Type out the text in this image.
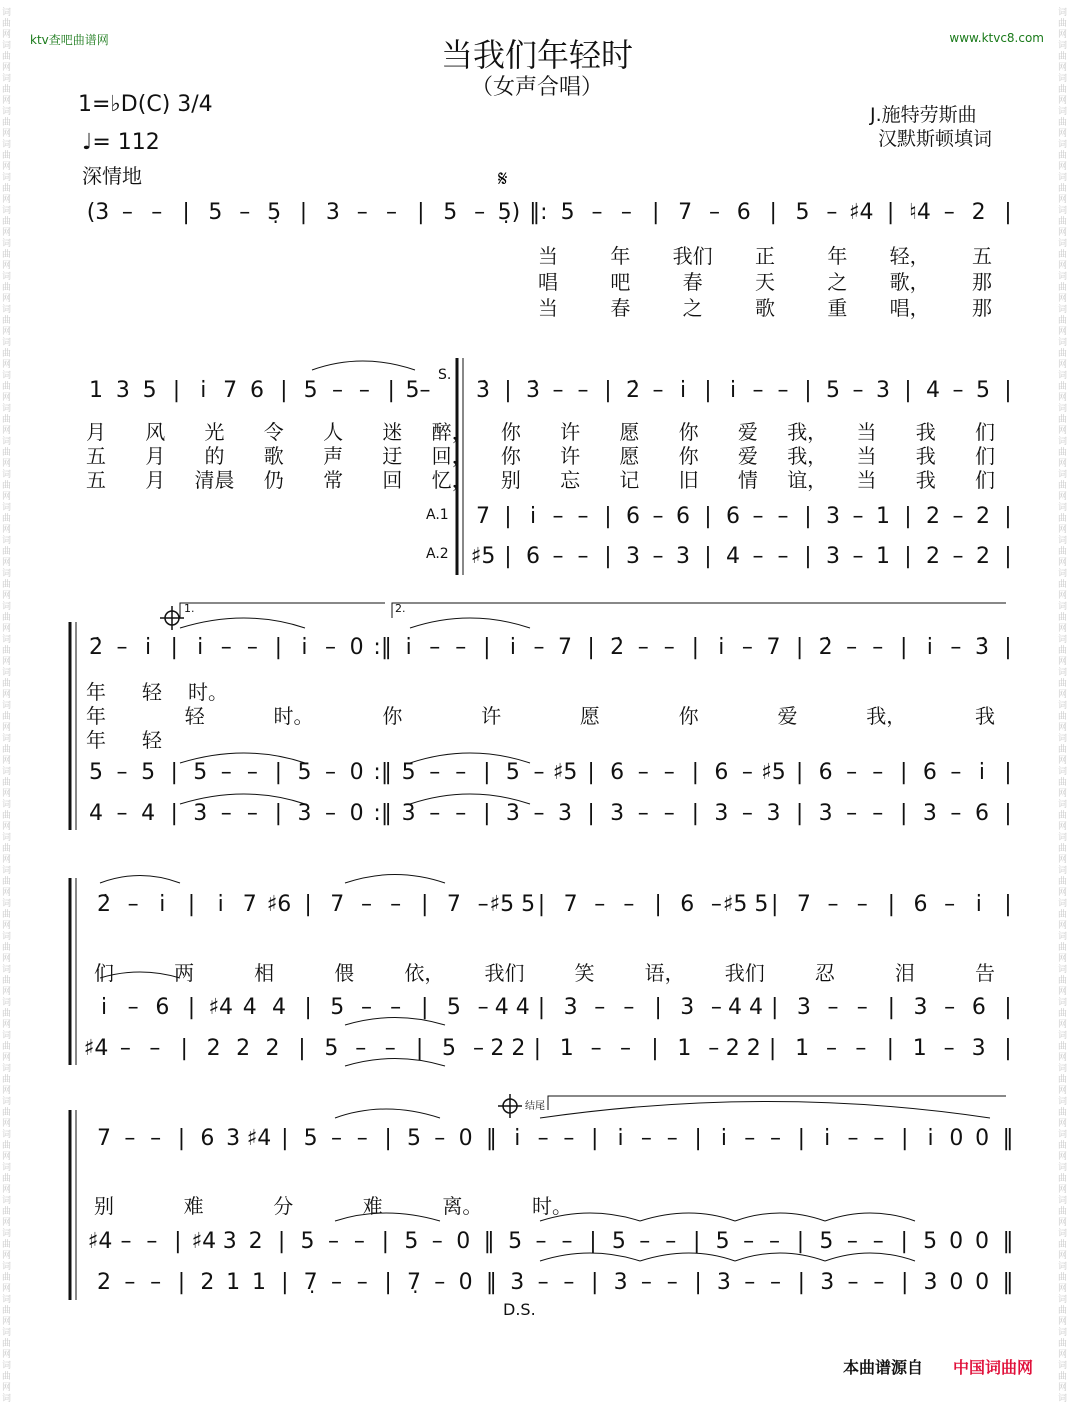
词
曲
网
词
曲
网
词
曲
网
词
曲
网
词
曲
网
词
曲
网
词
曲
网
词
曲
网
词
曲
网
词
曲
网
词
曲
网
词
曲
网
词
曲
网
词
曲
网
词
曲
网
词
曲
网
词
曲
网
词
曲
网
词
曲
网
词
曲
网
词
曲
网
词
曲
网
词
曲
网
词
曲
网
词
曲
网
词
曲
网
词
曲
网
词
曲
网
词
曲
网
词
曲
网
词
曲
网
词
曲
网
词
曲
网
词
曲
网
词
曲
网
词
曲
网
词
曲
网
词
曲
网
词
曲
网
词
曲
网
词
曲
网
词
曲
网
词
词
曲
网
词
曲
网
词
曲
网
词
曲
网
词
曲
网
词
曲
网
词
曲
网
词
曲
网
词
曲
网
词
曲
网
词
曲
网
词
曲
网
词
曲
网
词
曲
网
词
曲
网
词
曲
网
词
曲
网
词
曲
网
词
曲
网
词
曲
网
词
曲
网
词
曲
网
词
曲
网
词
曲
网
词
曲
网
词
曲
网
词
曲
网
词
曲
网
词
曲
网
词
曲
网
词
曲
网
词
曲
网
词
曲
网
词
曲
网
词
曲
网
词
曲
网
词
曲
网
词
曲
网
词
曲
网
词
曲
网
词
曲
网
词
曲
网
词
ktv查吧曲谱网	www.ktvc8.com
当我们年轻时
（女声合唱）
1=♭D(C) 3/4
♩= 112
深情地
J.施特劳斯曲
汉默斯顿填词
𝄋
(3 – – | 5 – 5̣ | 3 – – | 5 – 5̣) ‖: 5 – – | 7 – 6 | 5 – ♯4 | ♮4 – 2 |
当	年 我们 正	年 轻， 五
唱	吧	春	天	之 歌， 那
当	春	之	歌	重 唱， 那
1 3 5 | i̇ 7 6 | 5 – – | 5– 3̇ | 3̇ – – | 2̇ – i̇ | i̇ – – | 5 – 3 | 4 – 5 |
7 | i̇ – – | 6 – 6 | 6 – – | 3 – 1 | 2 – 2 |
♯5 | 6 – – | 3 – 3 | 4 – – | 3 – 1 | 2 – 2 |
月 风 光 令 人 迷 醉， 你 许 愿 你 爱 我， 当 我 们
五 月 的 歌 声 迂 回， 你 许 愿 你 爱 我， 当 我 们
五 月 清晨 仍 常 回 忆， 别 忘 记 旧 情 谊， 当 我 们
2̇ – i̇ | i̇ – – | i̇ – 0 :‖ i̇ – – | i̇ – 7 | 2̇ – – | i̇ – 7 | 2̇ – – | i̇ – 3̇ |
5 – 5 | 5 – – | 5 – 0 :‖ 5 – – | 5 – ♯5 | 6 – – | 6 – ♯5 | 6 – – | 6 – i̇ |
4 – 4 | 3 – – | 3 – 0 :‖ 3 – – | 3 – 3 | 3 – – | 3 – 3 | 3 – – | 3 – 6 |
年 轻 时。
年	轻	时。	你	许	愿	你	爱	我，	我
年 轻
2̇ – i̇ | i̇ 7 ♯6 | 7 – – | 7 – ♯5 5 | 7 – – | 6 – ♯5 5 | 7 – – | 6 – i̇ |
i̇ – 6 | ♯4 4 4 | 5 – – | 5 – 4 4 | 3 – – | 3 – 4 4 | 3 – – | 3 – 6 |
♯4 – – | 2 2 2 | 5 – – | 5 – 2 2 | 1 – – | 1 – 2 2 | 1 – – | 1 – 3 |
们	两	相	偎	依， 我们	笑	语， 我们	忍	泪	告
7 – – | 6 3 ♯4 | 5 – – | 5 – 0 ‖ i̇ – – | i̇ – – | i̇ – – | i̇ – – | i̇ 0 0 ‖
♯4 – – | ♯4 3 2 | 5 – – | 5 – 0 ‖ 5 – – | 5 – – | 5 – – | 5 – – | 5 0 0 ‖
2 – – | 2 1 1 | 7̣ – – | 7̣ – 0 ‖ 3 – – | 3 – – | 3 – – | 3 – – | 3 0 0 ‖
别	难	分	难	离。 时。
S.
A.1
A.2
1.	2.
结尾
D.S.
本曲谱源自 中国词曲网
